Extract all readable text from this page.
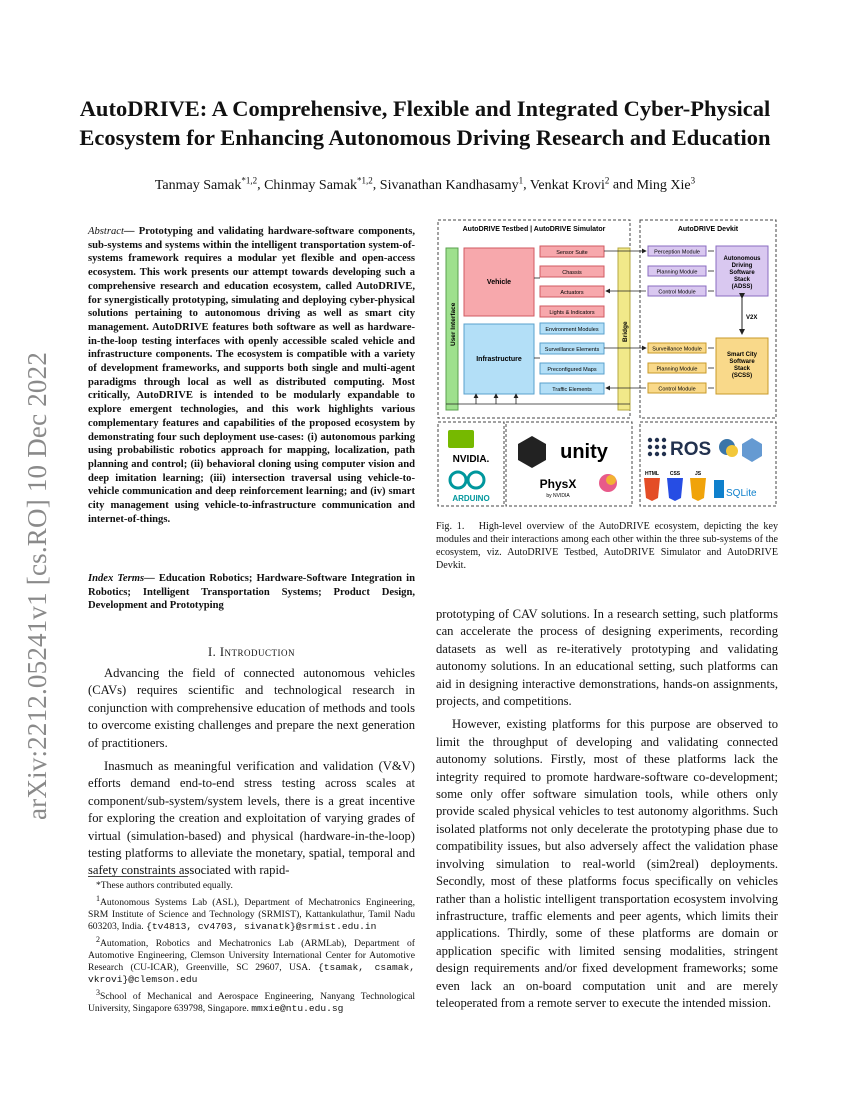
arXiv:2212.05241v1 [cs.RO] 10 Dec 2022
AutoDRIVE: A Comprehensive, Flexible and Integrated Cyber-Physical
Ecosystem for Enhancing Autonomous Driving Research and Education
Tanmay Samak$^{*1,2}$, Chinmay Samak$^{*1,2}$, Sivanathan Kandhasamy$^1$, Venkat Krovi$^2$ and Ming Xie$^3$
Abstract— Prototyping and validating hardware-software components, sub-systems and systems within the intelligent transportation system-of-systems framework requires a modular yet flexible and open-access ecosystem. This work presents our attempt towards developing such a comprehensive research and education ecosystem, called AutoDRIVE, for synergistically prototyping, simulating and deploying cyber-physical solutions pertaining to autonomous driving as well as smart city management. AutoDRIVE features both software as well as hardware-in-the-loop testing interfaces with openly accessible scaled vehicle and infrastructure components. The ecosystem is compatible with a variety of development frameworks, and supports both single and multi-agent paradigms through local as well as distributed computing. Most critically, AutoDRIVE is intended to be modularly expandable to explore emergent technologies, and this work highlights various complementary features and capabilities of the proposed ecosystem by demonstrating four such deployment use-cases: (i) autonomous parking using probabilistic robotics approach for mapping, localization, path planning and control; (ii) behavioral cloning using computer vision and deep imitation learning; (iii) intersection traversal using vehicle-to-vehicle communication and deep reinforcement learning; and (iv) smart city management using vehicle-to-infrastructure communication and internet-of-things.
Index Terms— Education Robotics; Hardware-Software Integration in Robotics; Intelligent Transportation Systems; Product Design, Development and Prototyping
I. Introduction

Advancing the field of connected autonomous vehicles (CAVs) requires scientific and technological research in conjunction with comprehensive education of methods and tools to overcome existing challenges and prepare the next generation of practitioners.

Inasmuch as meaningful verification and validation (V&V) efforts demand end-to-end stress testing across scales at component/sub-system/system levels, there is a great incentive for exploring the creation and exploitation of varying grades of virtual (simulation-based) and physical (hardware-in-the-loop) testing platforms to alleviate the monetary, spatial, temporal and safety constraints associated with rapid-

*These authors contributed equally.

$^1$Autonomous Systems Lab (ASL), Department of Mechatronics Engineering, SRM Institute of Science and Technology (SRMIST), Kattankulathur, Tamil Nadu 603203, India. {tv4813, cv4703, sivanatk}@srmist.edu.in

$^2$Automation, Robotics and Mechatronics Lab (ARMLab), Department of Automotive Engineering, Clemson University International Center for Automotive Research (CU-ICAR), Greenville, SC 29607, USA. {tsamak, csamak, vkrovi}@clemson.edu

$^3$School of Mechanical and Aerospace Engineering, Nanyang Technological University, Singapore 639798, Singapore. mmxie@ntu.edu.sg

AutoDRIVE Testbed | AutoDRIVE Simulator	AutoDRIVE Devkit
User Interface	Bridge
Vehicle
Sensor Suite
Chassis
Actuators
Lights & Indicators
Infrastructure
Environment Modules
Surveillance Elements
Preconfigured Maps
Traffic Elements
Perception Module
Planning Module
Control Module
Autonomous Driving Software Stack (ADSS)
V2X
Surveillance Module
Planning Module
Control Module
Smart City Software Stack (SCSS)
NVIDIA.
ARDUINO
unity
PhysX
by NVIDIA
ROS
HTML CSS	JS
SQLite
Fig. 1. High-level overview of the AutoDRIVE ecosystem, depicting the key modules and their interactions among each other within the three sub-systems of the ecosystem, viz. AutoDRIVE Testbed, AutoDRIVE Simulator and AutoDRIVE Devkit.

prototyping of CAV solutions. In a research setting, such platforms can accelerate the process of designing experiments, recording datasets as well as re-iteratively prototyping and validating autonomy solutions. In an educational setting, such platforms can aid in designing interactive demonstrations, hands-on assignments, projects, and competitions.

However, existing platforms for this purpose are observed to limit the throughput of developing and validating connected autonomy solutions. Firstly, most of these platforms lack the integrity required to promote hardware-software co-development; some only offer software simulation tools, while others only provide scaled physical vehicles to test autonomy algorithms. Such isolated platforms not only decelerate the prototyping phase due to compatibility issues, but also adversely affect the validation phase involving simulation to real-world (sim2real) deployments. Secondly, most of these platforms focus specifically on vehicles rather than a holistic intelligent transportation ecosystem involving infrastructure, traffic elements and peer agents, which limits their applications. Thirdly, some of these platforms are domain or application specific with limited sensing modalities, stringent design requirements and/or fixed development frameworks; some even lack an on-board computation unit and are merely teleoperated from a remote server to execute the intended mission.
